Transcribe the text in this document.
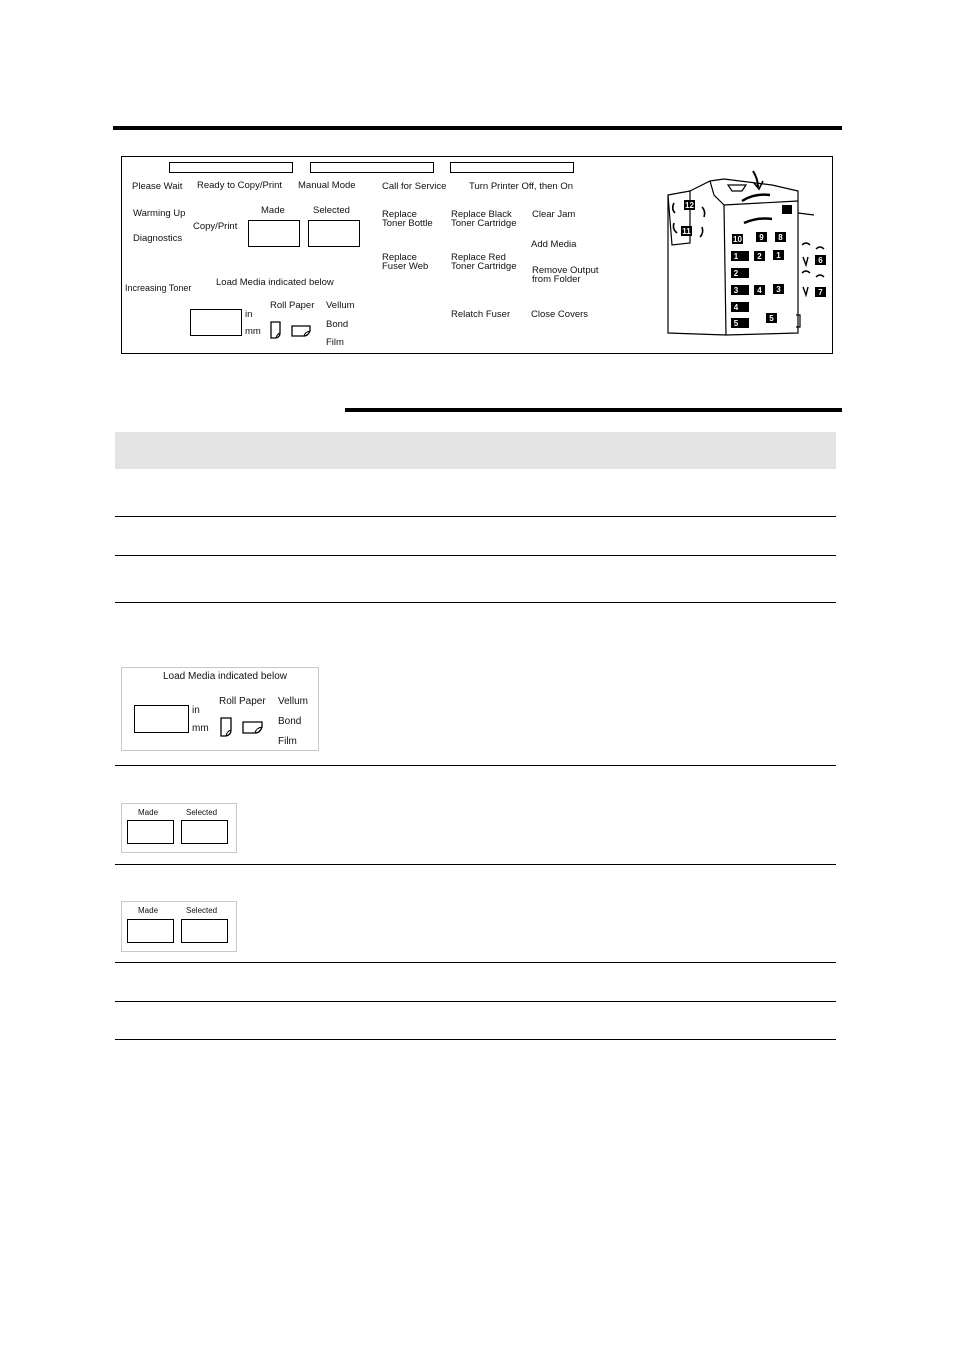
Please Wait Ready to Copy/Print Manual Mode	Call for Service Turn Printer Off, then On
Warming Up
Diagnostics
Copy/Print
Made	Selected	Replace
Toner Bottle
Replace Black
Toner Cartridge
Clear Jam
Add Media
Replace
Fuser Web
Replace Red
Toner Cartridge Remove Output
from Folder
Increasing Toner	Load Media indicated below
Roll Paper Vellum
Bond
Film
in
mm
Relatch Fuser Close Covers
10 9 8
12
11
1 2 1
6
2
3 4 3	7
4
5
5
Load Media indicated below
Roll Paper Vellum
Bond
Film
in
mm
Made	Selected
Made	Selected
